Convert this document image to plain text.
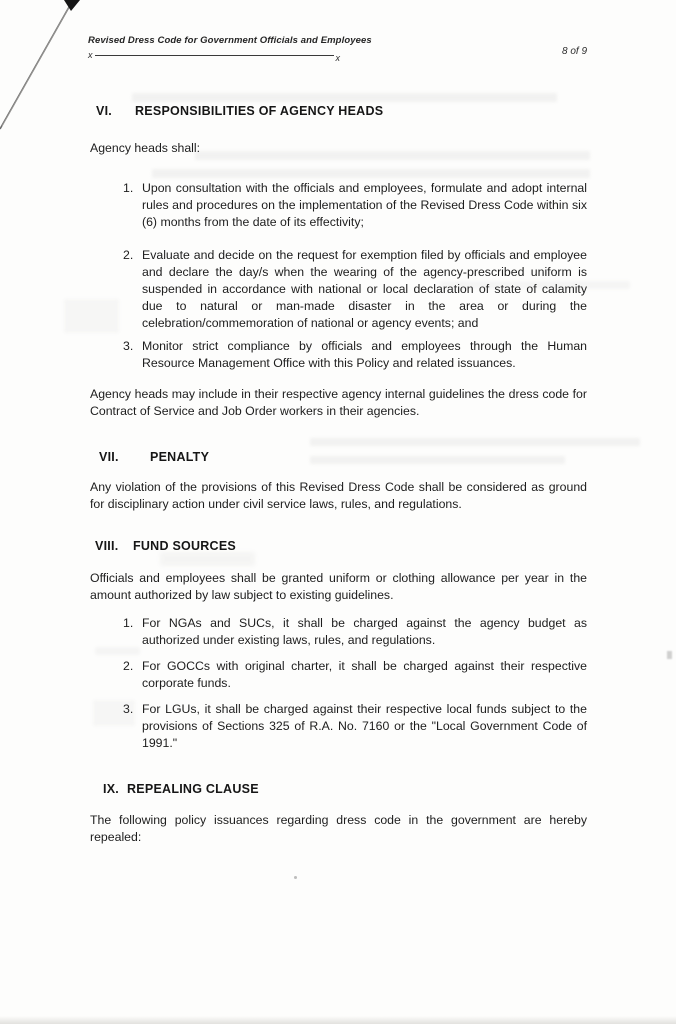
Revised Dress Code for Government Officials and Employees
x	x
8 of 9
VI.	RESPONSIBILITIES OF AGENCY HEADS
Agency heads shall:
1. Upon consultation with the officials and employees, formulate and adopt internal rules and procedures on the implementation of the Revised Dress Code within six (6) months from the date of its effectivity;
2. Evaluate and decide on the request for exemption filed by officials and employee and declare the day/s when the wearing of the agency-prescribed uniform is suspended in accordance with national or local declaration of state of calamity due to natural or man-made disaster in the area or during the celebration/commemoration of national or agency events; and
3. Monitor strict compliance by officials and employees through the Human Resource Management Office with this Policy and related issuances.
Agency heads may include in their respective agency internal guidelines the dress code for Contract of Service and Job Order workers in their agencies.
VII.	PENALTY
Any violation of the provisions of this Revised Dress Code shall be considered as ground for disciplinary action under civil service laws, rules, and regulations.
VIII.	FUND SOURCES
Officials and employees shall be granted uniform or clothing allowance per year in the amount authorized by law subject to existing guidelines.
1. For NGAs and SUCs, it shall be charged against the agency budget as authorized under existing laws, rules, and regulations.
2. For GOCCs with original charter, it shall be charged against their respective corporate funds.
3. For LGUs, it shall be charged against their respective local funds subject to the provisions of Sections 325 of R.A. No. 7160 or the "Local Government Code of 1991."
IX. REPEALING CLAUSE
The following policy issuances regarding dress code in the government are hereby repealed:
